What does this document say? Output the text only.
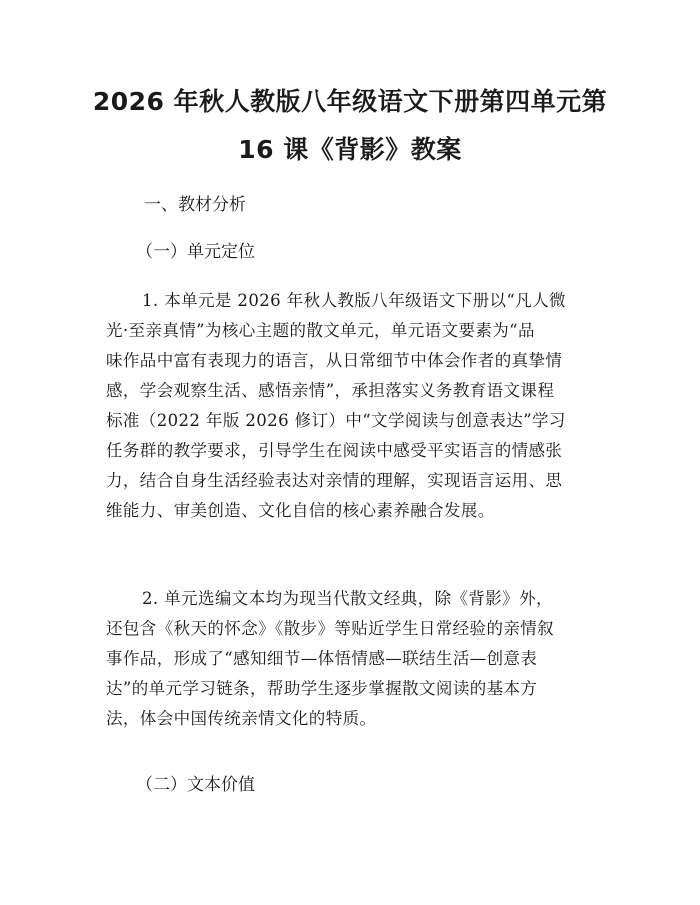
2026 年秋人教版八年级语文下册第四单元第
16 课《背影》教案

一、教材分析

（一）单元定位

1. 本单元是 2026 年秋人教版八年级语文下册以“凡人微
光·至亲真情”为核心主题的散文单元，单元语文要素为“品
味作品中富有表现力的语言，从日常细节中体会作者的真挚情
感，学会观察生活、感悟亲情”，承担落实义务教育语文课程
标准（2022 年版 2026 修订）中“文学阅读与创意表达”学习
任务群的教学要求，引导学生在阅读中感受平实语言的情感张
力，结合自身生活经验表达对亲情的理解，实现语言运用、思
维能力、审美创造、文化自信的核心素养融合发展。

2. 单元选编文本均为现当代散文经典，除《背影》外，
还包含《秋天的怀念》《散步》等贴近学生日常经验的亲情叙
事作品，形成了“感知细节—体悟情感—联结生活—创意表
达”的单元学习链条，帮助学生逐步掌握散文阅读的基本方
法，体会中国传统亲情文化的特质。

（二）文本价值
